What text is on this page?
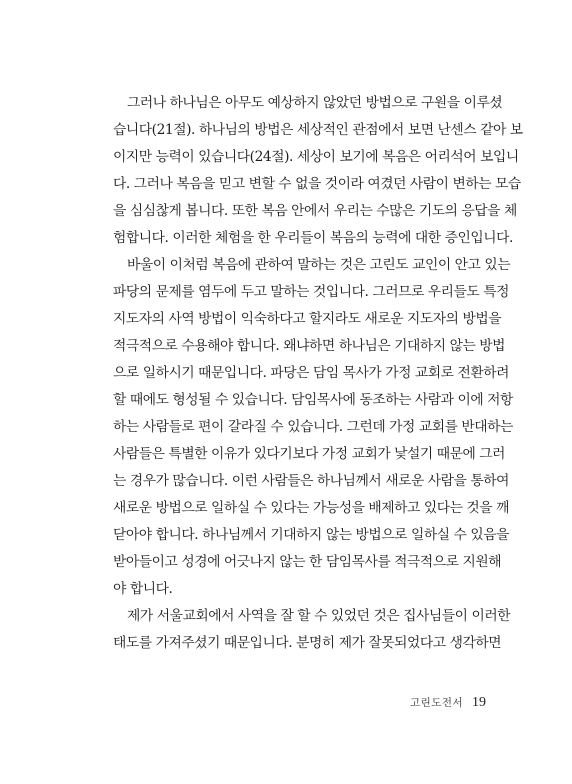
그러나 하나님은 아무도 예상하지 않았던 방법으로 구원을 이루셨
습니다(21절). 하나님의 방법은 세상적인 관점에서 보면 난센스 같아 보
이지만 능력이 있습니다(24절). 세상이 보기에 복음은 어리석어 보입니
다. 그러나 복음을 믿고 변할 수 없을 것이라 여겼던 사람이 변하는 모습
을 심심찮게 봅니다. 또한 복음 안에서 우리는 수많은 기도의 응답을 체
험합니다. 이러한 체험을 한 우리들이 복음의 능력에 대한 증인입니다.
바울이 이처럼 복음에 관하여 말하는 것은 고린도 교인이 안고 있는
파당의 문제를 염두에 두고 말하는 것입니다. 그러므로 우리들도 특정
지도자의 사역 방법이 익숙하다고 할지라도 새로운 지도자의 방법을
적극적으로 수용해야 합니다. 왜냐하면 하나님은 기대하지 않는 방법
으로 일하시기 때문입니다. 파당은 담임 목사가 가정 교회로 전환하려
할 때에도 형성될 수 있습니다. 담임목사에 동조하는 사람과 이에 저항
하는 사람들로 편이 갈라질 수 있습니다. 그런데 가정 교회를 반대하는
사람들은 특별한 이유가 있다기보다 가정 교회가 낯설기 때문에 그러
는 경우가 많습니다. 이런 사람들은 하나님께서 새로운 사람을 통하여
새로운 방법으로 일하실 수 있다는 가능성을 배제하고 있다는 것을 깨
닫아야 합니다. 하나님께서 기대하지 않는 방법으로 일하실 수 있음을
받아들이고 성경에 어긋나지 않는 한 담임목사를 적극적으로 지원해
야 합니다.
제가 서울교회에서 사역을 잘 할 수 있었던 것은 집사님들이 이러한
태도를 가져주셨기 때문입니다. 분명히 제가 잘못되었다고 생각하면
고린도전서 19
